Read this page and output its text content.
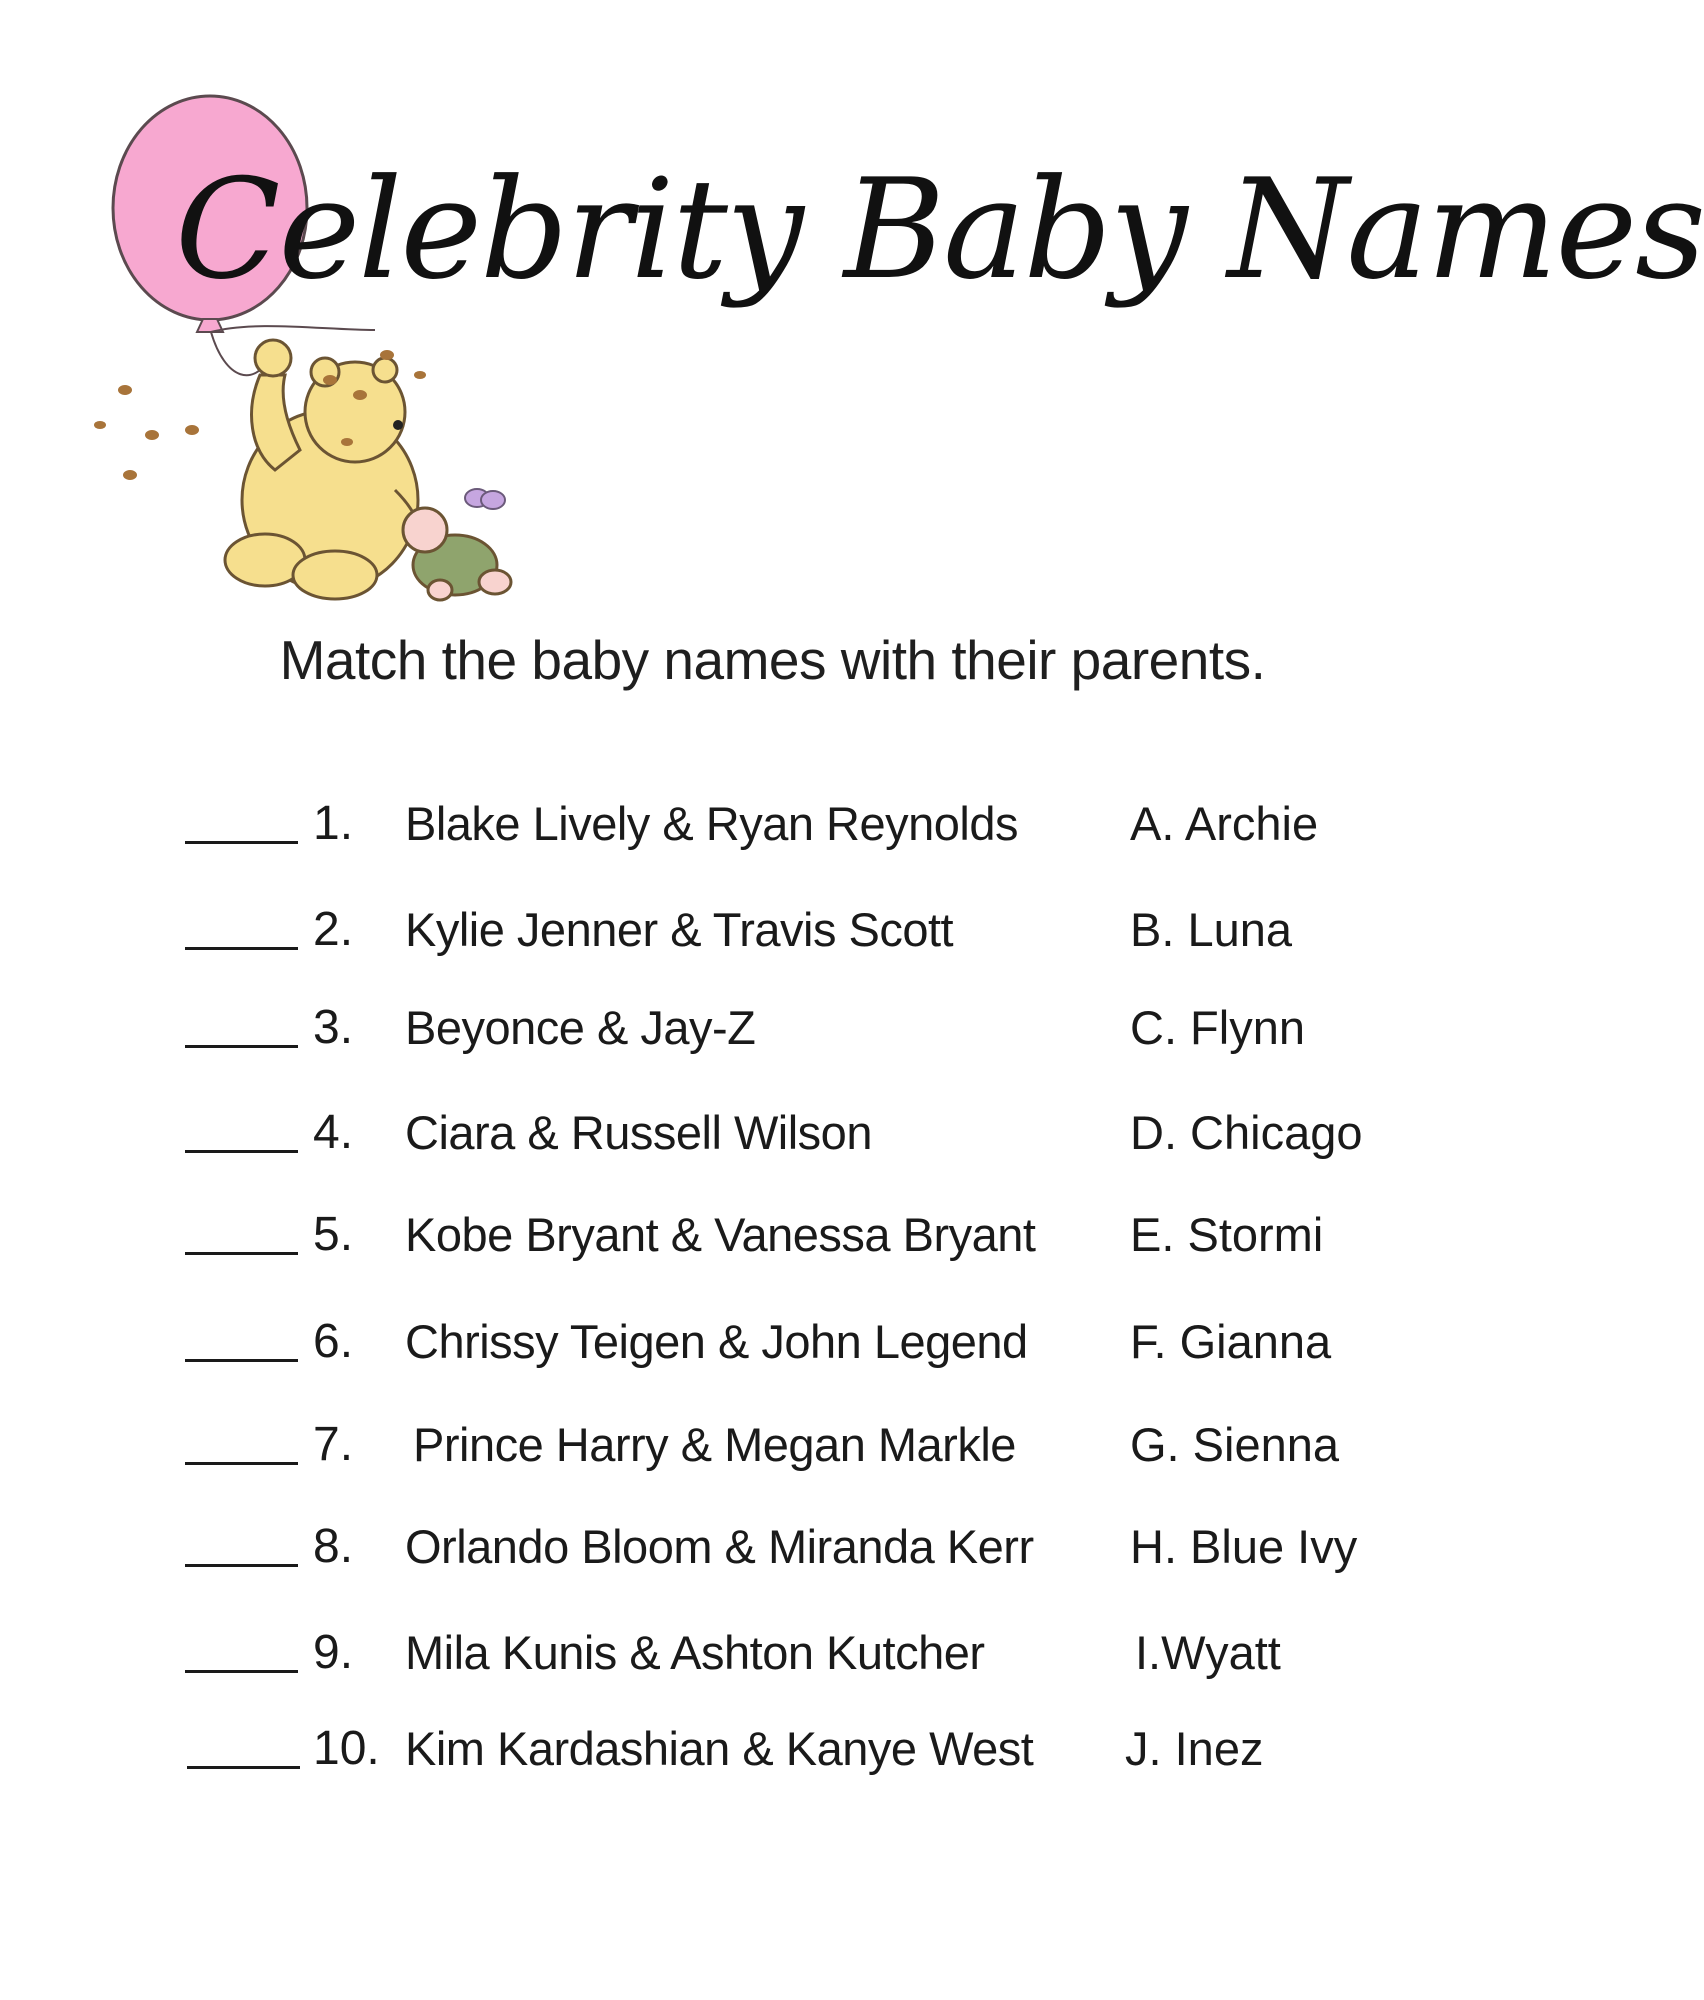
Celebrity Baby Names

Match the baby names with their parents.

1. Blake Lively & Ryan Reynolds A. Archie
2. Kylie Jenner & Travis Scott	B. Luna
3. Beyonce & Jay-Z	C. Flynn
4. Ciara & Russell Wilson	D. Chicago
5. Kobe Bryant & Vanessa Bryant E. Stormi
6. Chrissy Teigen & John Legend F. Gianna
7. Prince Harry & Megan Markle G. Sienna
8. Orlando Bloom & Miranda Kerr H. Blue Ivy
9. Mila Kunis & Ashton Kutcher	I.Wyatt
10. Kim Kardashian & Kanye West J. Inez
